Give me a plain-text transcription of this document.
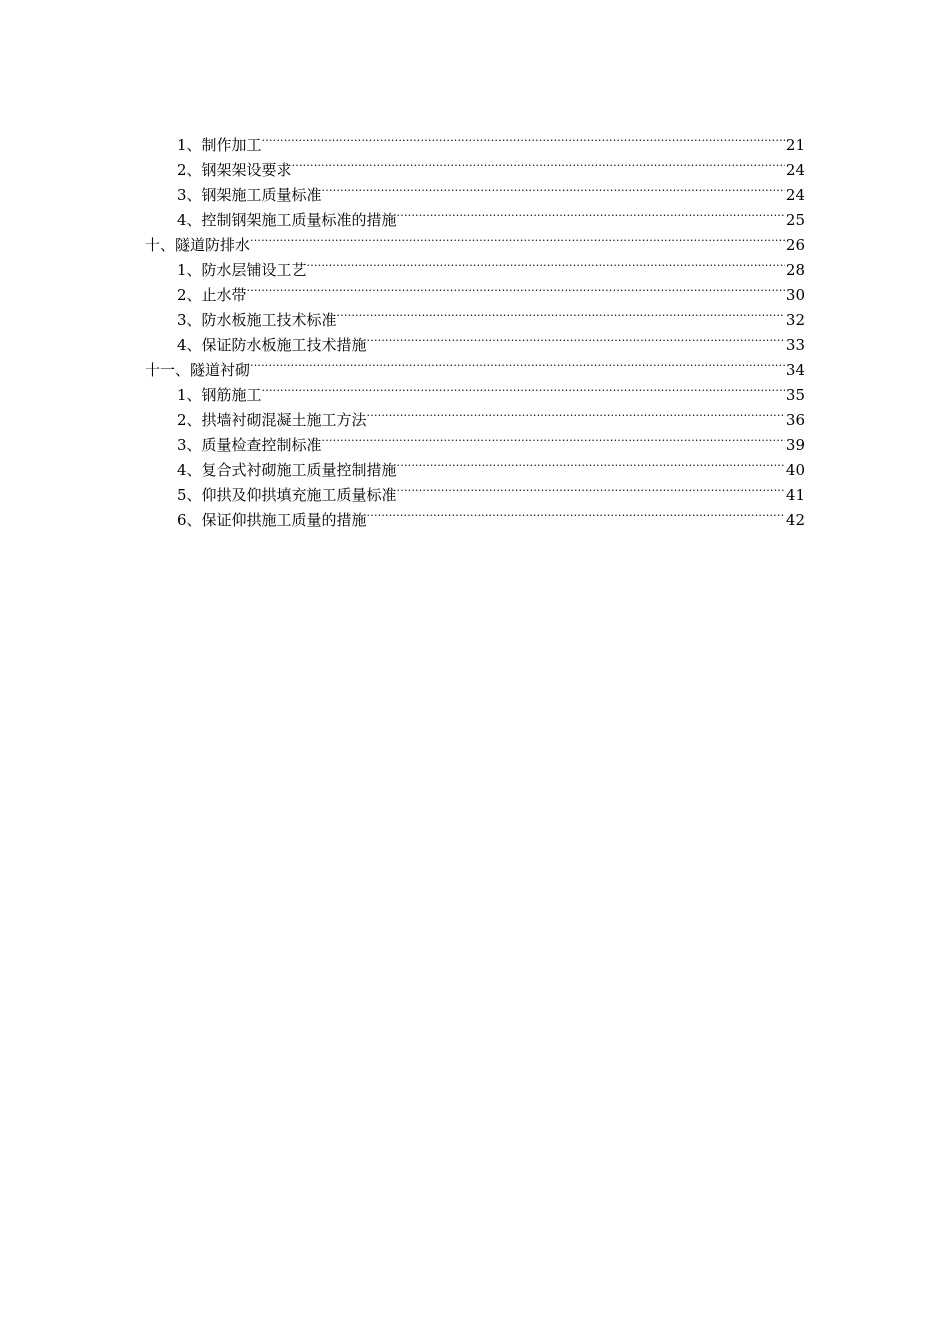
1、制作加工 .....	21
2、钢架架设要求 .....	24
3、钢架施工质量标准 .....	24
4、控制钢架施工质量标准的措施 .....	25
十、隧道防排水 .....	26
1、防水层铺设工艺 .....	28
2、止水带 .....	30
3、防水板施工技术标准 .....	32
4、保证防水板施工技术措施 .....	33
十一、隧道衬砌 .....	34
1、钢筋施工 .....	35
2、拱墙衬砌混凝土施工方法 .....	36
3、质量检查控制标准 .....	39
4、复合式衬砌施工质量控制措施 .....	40
5、仰拱及仰拱填充施工质量标准 .....	41
6、保证仰拱施工质量的措施 .....	42
